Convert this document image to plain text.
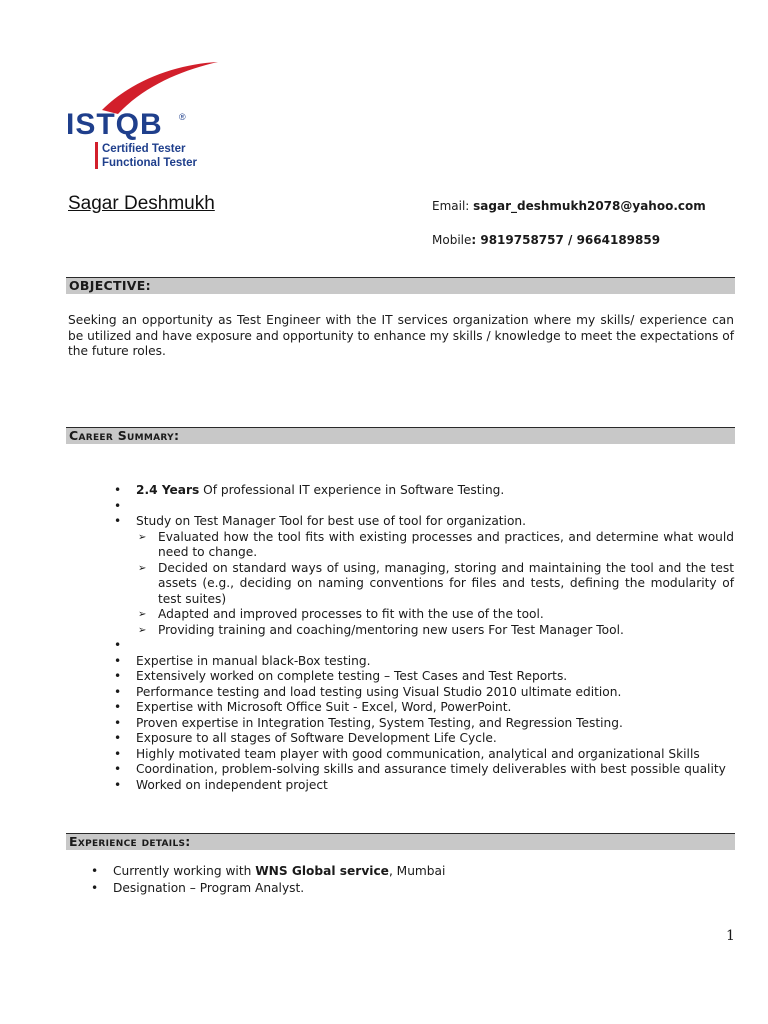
ISTQB ®
Certified Tester
Functional Tester
Sagar Deshmukh	Email: sagar_deshmukh2078@yahoo.com
Mobile: 9819758757 / 9664189859
OBJECTIVE:
Seeking an opportunity as Test Engineer with the IT services organization where my skills/ experience can be utilized and have exposure and opportunity to enhance my skills / knowledge to meet the expectations of the future roles.
Career Summary:
• 2.4 Years Of professional IT experience in Software Testing.
•
• Study on Test Manager Tool for best use of tool for organization.
➢ Evaluated how the tool fits with existing processes and practices, and determine what would need to change.
➢ Decided on standard ways of using, managing, storing and maintaining the tool and the test assets (e.g., deciding on naming conventions for files and tests, defining the modularity of test suites)
➢ Adapted and improved processes to fit with the use of the tool.
➢ Providing training and coaching/mentoring new users For Test Manager Tool.
•
• Expertise in manual black-Box testing.
• Extensively worked on complete testing – Test Cases and Test Reports.
• Performance testing and load testing using Visual Studio 2010 ultimate edition.
• Expertise with Microsoft Office Suit - Excel, Word, PowerPoint.
• Proven expertise in Integration Testing, System Testing, and Regression Testing.
• Exposure to all stages of Software Development Life Cycle.
• Highly motivated team player with good communication, analytical and organizational Skills
• Coordination, problem-solving skills and assurance timely deliverables with best possible quality
• Worked on independent project
Experience details:
• Currently working with WNS Global service, Mumbai
• Designation – Program Analyst.
1
